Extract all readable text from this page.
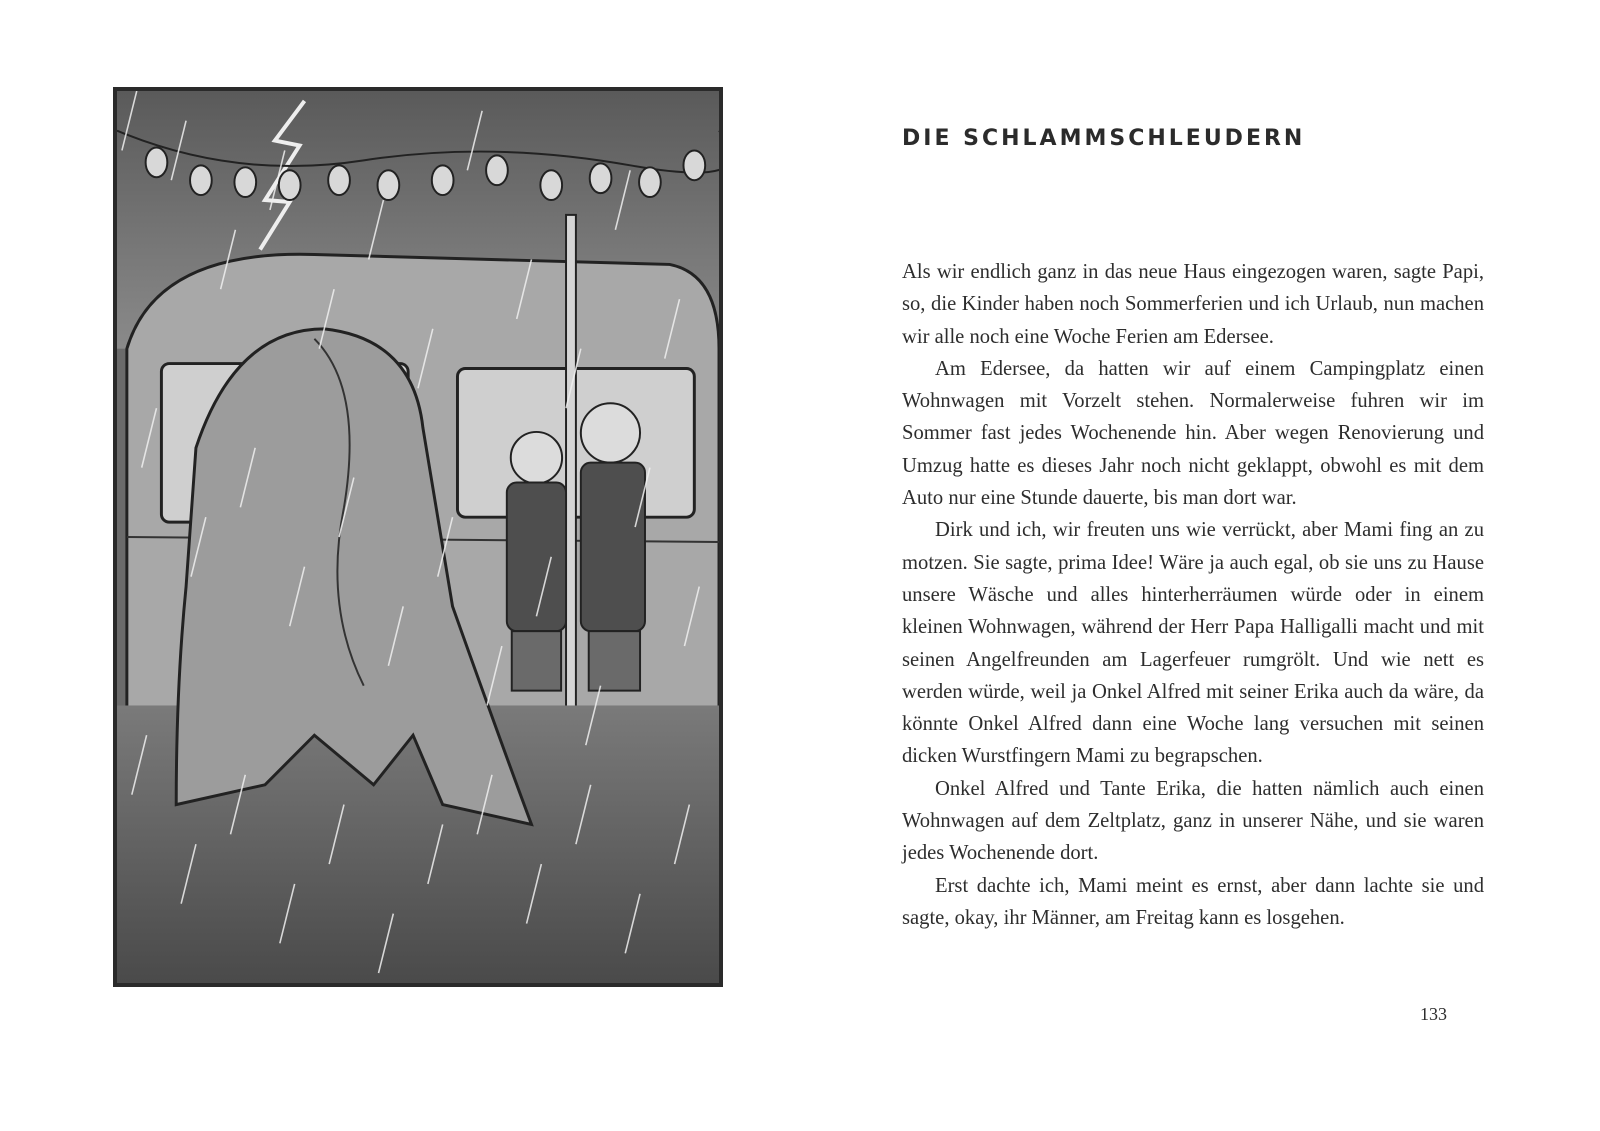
DIE SCHLAMMSCHLEUDERN

Als wir endlich ganz in das neue Haus eingezogen waren, sagte Papi, so, die Kinder haben noch Sommerferien und ich Urlaub, nun machen wir alle noch eine Woche Ferien am Edersee.

Am Edersee, da hatten wir auf einem Campingplatz einen Wohnwagen mit Vorzelt stehen. Normalerweise fuhren wir im Sommer fast jedes Wochenende hin. Aber wegen Renovierung und Umzug hatte es dieses Jahr noch nicht geklappt, obwohl es mit dem Auto nur eine Stunde dauerte, bis man dort war.

Dirk und ich, wir freuten uns wie verrückt, aber Mami fing an zu motzen. Sie sagte, prima Idee! Wäre ja auch egal, ob sie uns zu Hause unsere Wäsche und alles hinterherräumen würde oder in einem kleinen Wohnwagen, während der Herr Papa Halligalli macht und mit seinen Angelfreunden am Lagerfeuer rumgrölt. Und wie nett es werden würde, weil ja Onkel Alfred mit seiner Erika auch da wäre, da könnte Onkel Alfred dann eine Woche lang versuchen mit seinen dicken Wurstfingern Mami zu begrapschen.

Onkel Alfred und Tante Erika, die hatten nämlich auch einen Wohnwagen auf dem Zeltplatz, ganz in unserer Nähe, und sie waren jedes Wochenende dort.

Erst dachte ich, Mami meint es ernst, aber dann lachte sie und sagte, okay, ihr Männer, am Freitag kann es losgehen.

133
